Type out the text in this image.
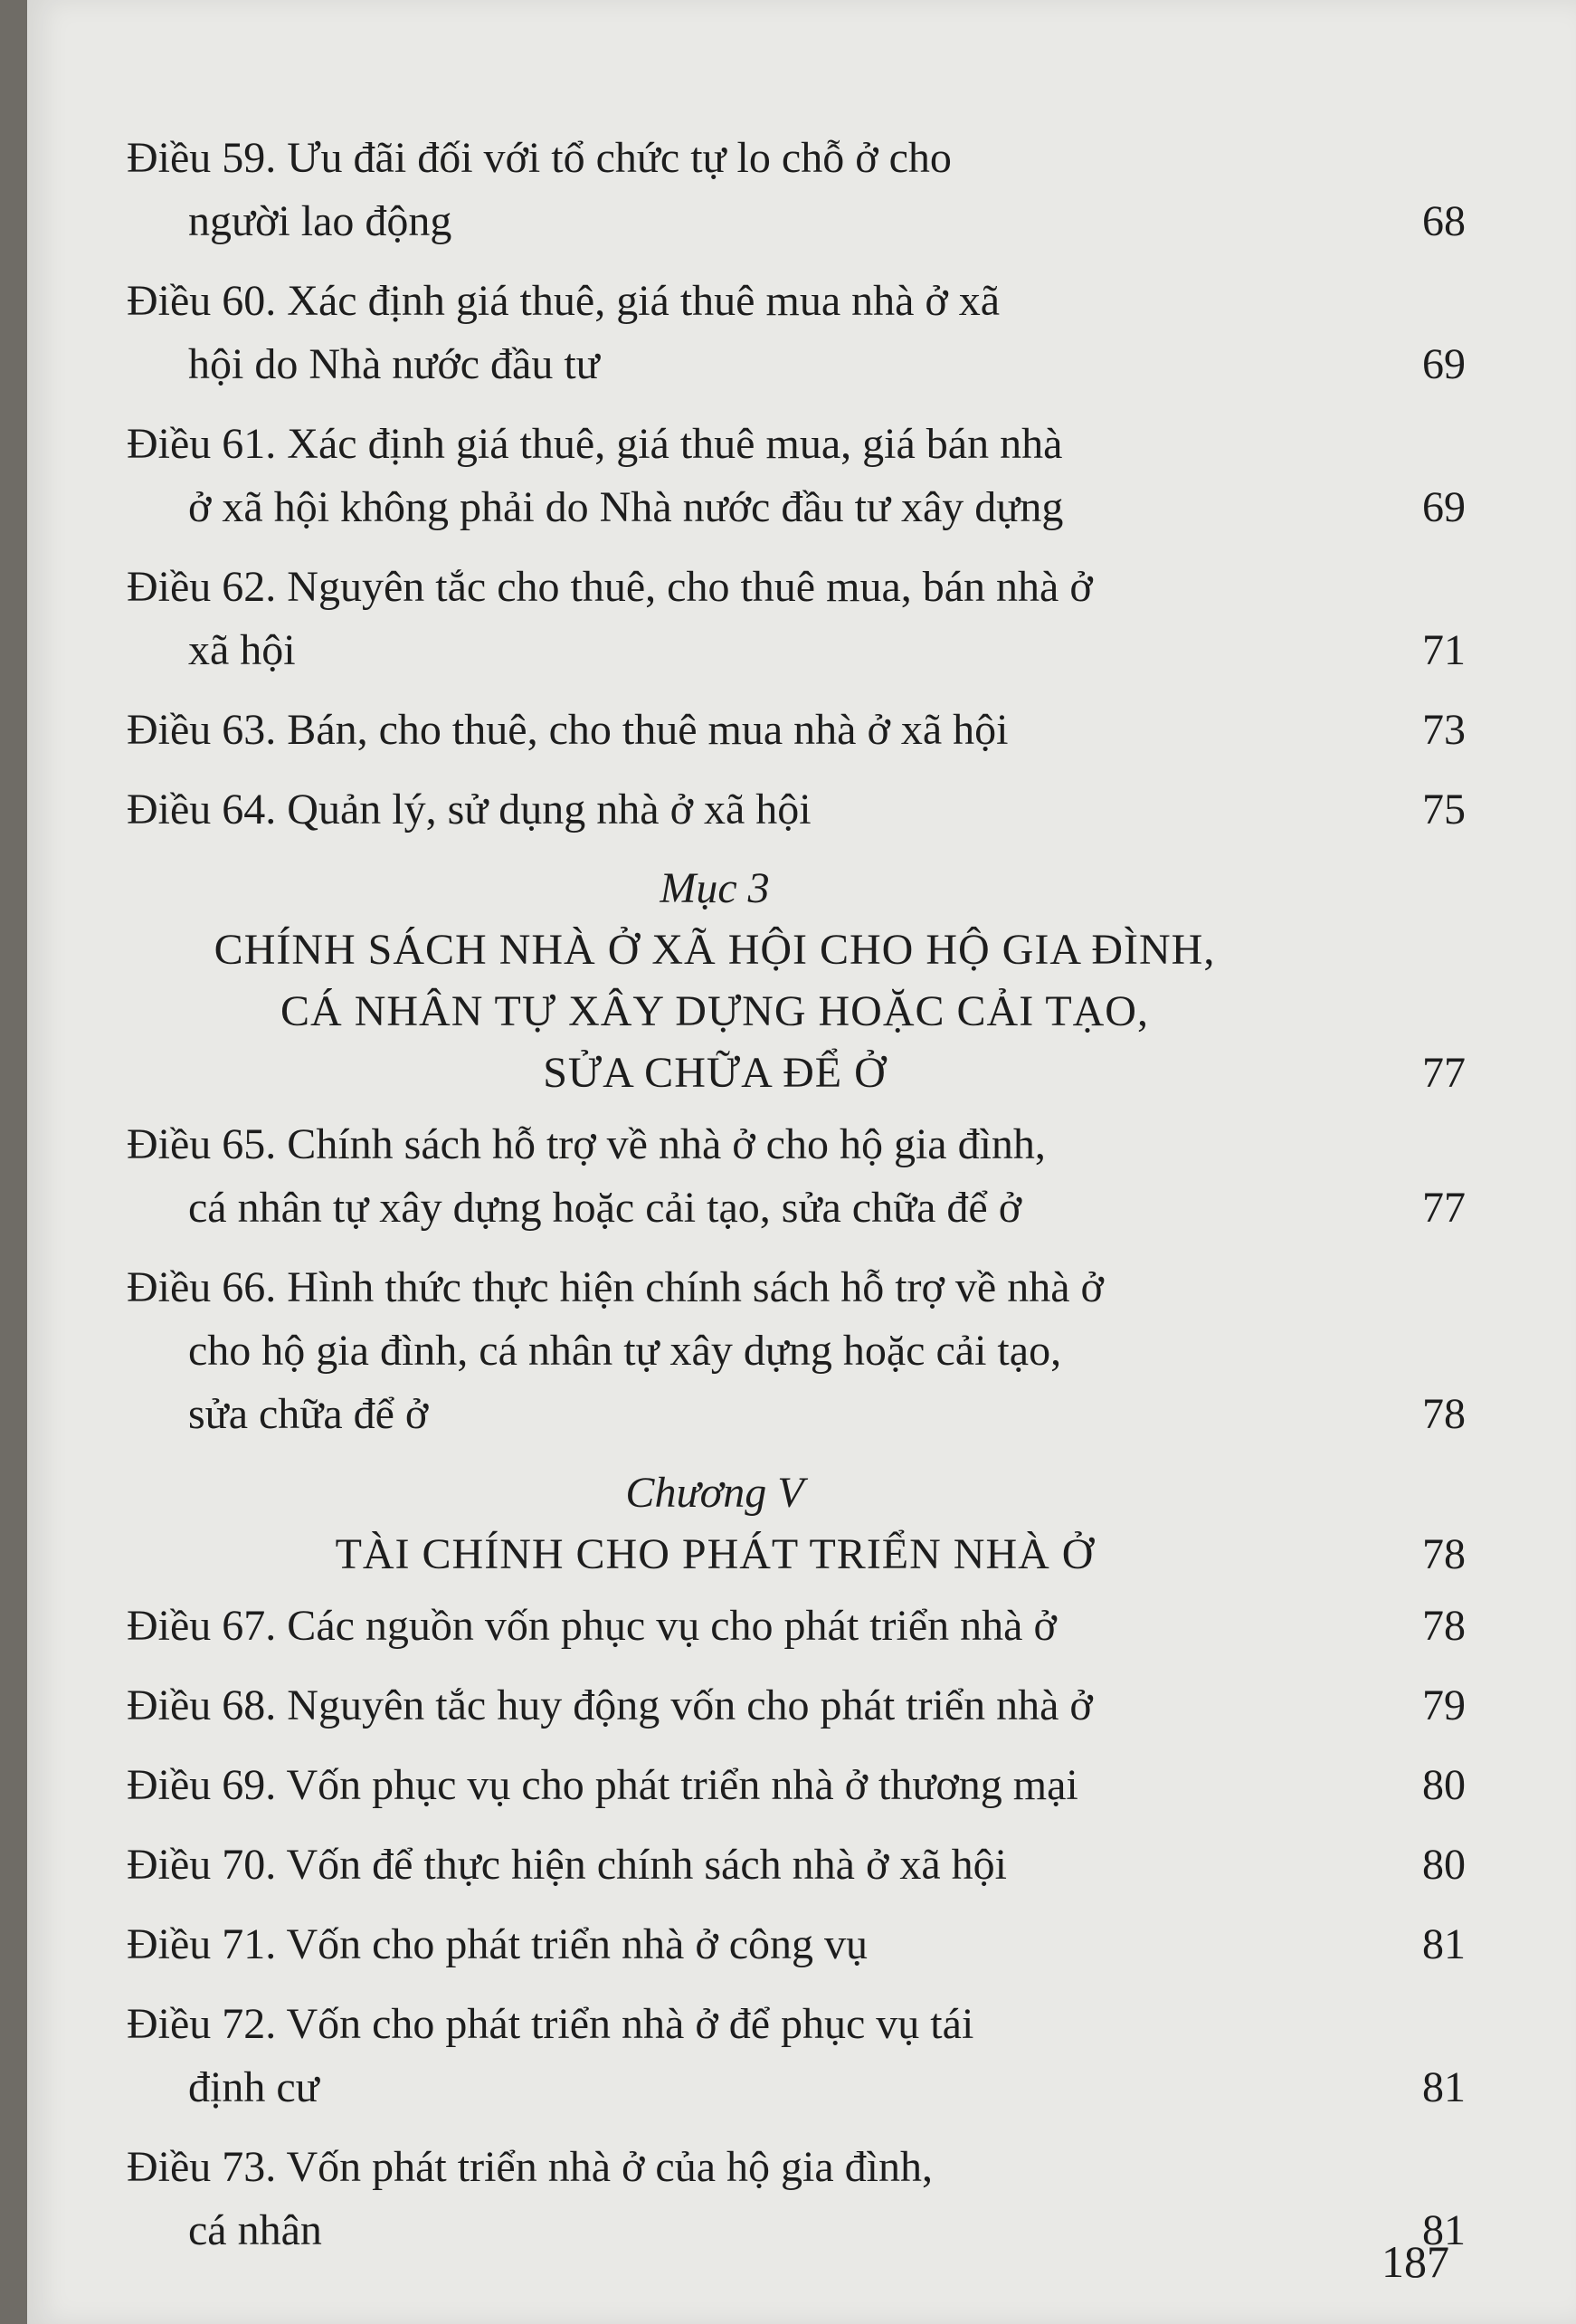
Điều 59. Ưu đãi đối với tổ chức tự lo chỗ ở cho
người lao động	68
Điều 60. Xác định giá thuê, giá thuê mua nhà ở xã
hội do Nhà nước đầu tư	69
Điều 61. Xác định giá thuê, giá thuê mua, giá bán nhà
ở xã hội không phải do Nhà nước đầu tư xây dựng	69
Điều 62. Nguyên tắc cho thuê, cho thuê mua, bán nhà ở
xã hội	71
Điều 63. Bán, cho thuê, cho thuê mua nhà ở xã hội	73
Điều 64. Quản lý, sử dụng nhà ở xã hội	75
Mục 3
CHÍNH SÁCH NHÀ Ở XÃ HỘI CHO HỘ GIA ĐÌNH,
CÁ NHÂN TỰ XÂY DỰNG HOẶC CẢI TẠO,
SỬA CHỮA ĐỂ Ở	77
Điều 65. Chính sách hỗ trợ về nhà ở cho hộ gia đình,
cá nhân tự xây dựng hoặc cải tạo, sửa chữa để ở	77
Điều 66. Hình thức thực hiện chính sách hỗ trợ về nhà ở
cho hộ gia đình, cá nhân tự xây dựng hoặc cải tạo,
sửa chữa để ở	78
Chương V
TÀI CHÍNH CHO PHÁT TRIỂN NHÀ Ở	78
Điều 67. Các nguồn vốn phục vụ cho phát triển nhà ở	78
Điều 68. Nguyên tắc huy động vốn cho phát triển nhà ở	79
Điều 69. Vốn phục vụ cho phát triển nhà ở thương mại	80
Điều 70. Vốn để thực hiện chính sách nhà ở xã hội	80
Điều 71. Vốn cho phát triển nhà ở công vụ	81
Điều 72. Vốn cho phát triển nhà ở để phục vụ tái
định cư	81
Điều 73. Vốn phát triển nhà ở của hộ gia đình,
cá nhân	81
187
